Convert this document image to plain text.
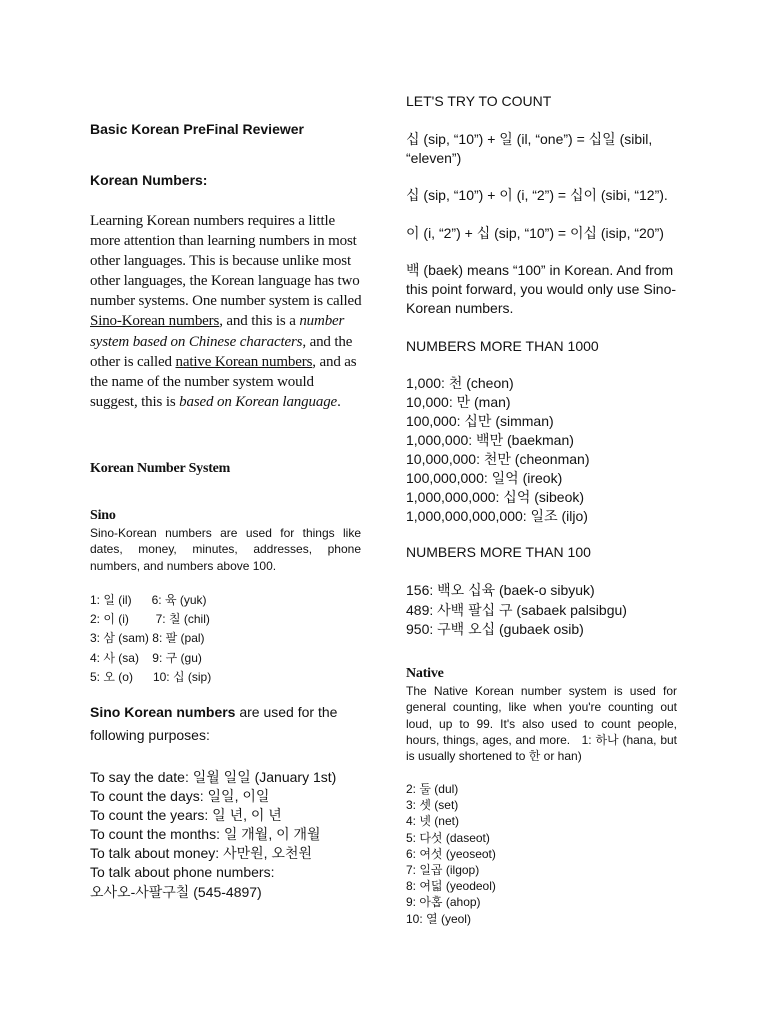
Basic Korean PreFinal Reviewer
Korean Numbers:
Learning Korean numbers requires a little more attention than learning numbers in most other languages. This is because unlike most other languages, the Korean language has two number systems. One number system is called Sino-Korean numbers, and this is a number system based on Chinese characters, and the other is called native Korean numbers, and as the name of the number system would suggest, this is based on Korean language.
Korean Number System
Sino
Sino-Korean numbers are used for things like dates, money, minutes, addresses, phone numbers, and numbers above 100.
1: 일 (il)      6: 육 (yuk)
2: 이 (i)        7: 칠 (chil)
3: 삼 (sam) 8: 팔 (pal)
4: 사 (sa)    9: 구 (gu)
5: 오 (o)      10: 십 (sip)
Sino Korean numbers are used for the following purposes:
To say the date: 일월 일일 (January 1st)
To count the days: 일일, 이일
To count the years: 일 년, 이 년
To count the months: 일 개월, 이 개월
To talk about money: 사만원, 오천원
To talk about phone numbers:
오사오-사팔구칠 (545-4897)
LET'S TRY TO COUNT
십 (sip, “10”) + 일 (il, “one”) = 십일 (sibil, “eleven”)
십 (sip, “10”) + 이 (i, “2”) = 십이 (sibi, “12”).
이 (i, “2”) + 십 (sip, “10”) = 이십 (isip, “20”)
백 (baek) means “100” in Korean. And from this point forward, you would only use Sino-Korean numbers.
NUMBERS MORE THAN 1000
1,000: 천 (cheon)
10,000: 만 (man)
100,000: 십만 (simman)
1,000,000: 백만 (baekman)
10,000,000: 천만 (cheonman)
100,000,000: 일억 (ireok)
1,000,000,000: 십억 (sibeok)
1,000,000,000,000: 일조 (iljo)
NUMBERS MORE THAN 100
156: 백오 십육 (baek-o sibyuk)
489: 사백 팔십 구 (sabaek palsibgu)
950: 구백 오십 (gubaek osib)
Native
The Native Korean number system is used for general counting, like when you're counting out loud, up to 99. It's also used to count people, hours, things, ages, and more.   1: 하나 (hana, but is usually shortened to 한 or han)
2: 둘 (dul)
3: 셋 (set)
4: 넷 (net)
5: 다섯 (daseot)
6: 여섯 (yeoseot)
7: 일곱 (ilgop)
8: 여덟 (yeodeol)
9: 아홉 (ahop)
10: 열 (yeol)
